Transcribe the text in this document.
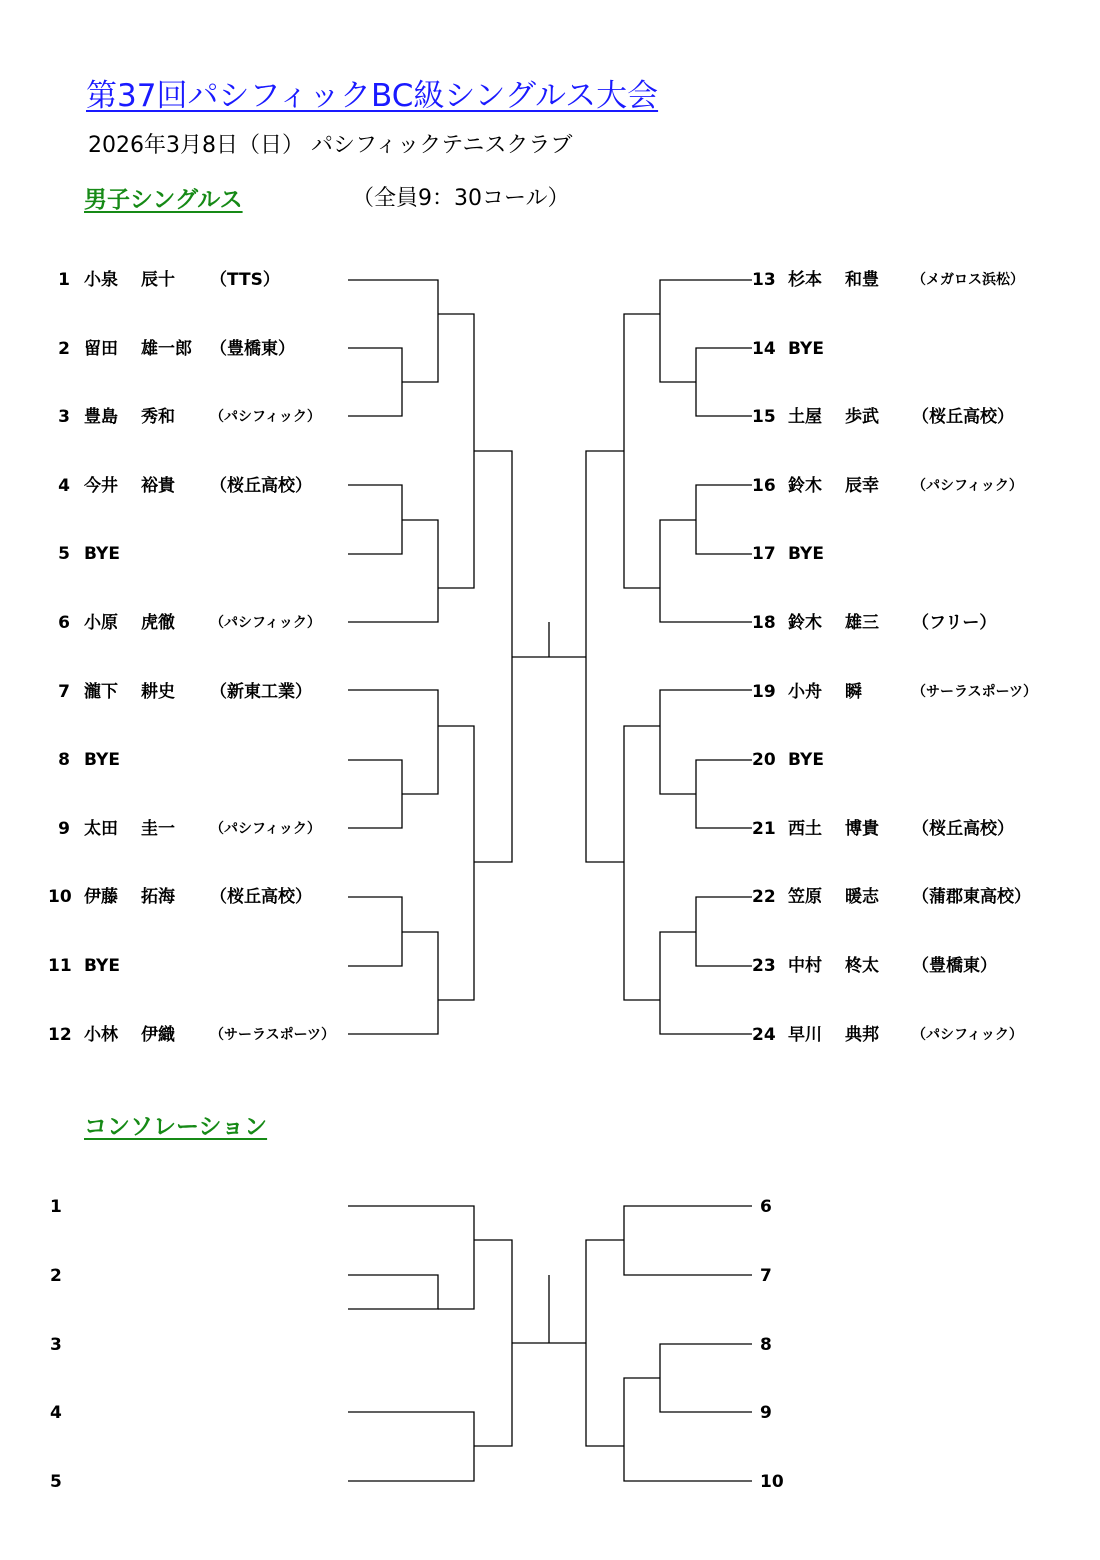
第37回パシフィックBC級シングルス大会
2026年3月8日（日） パシフィックテニスクラブ
男子シングルス	（全員9：30コール）
コンソレーション
1 小泉 辰十 （TTS）
2 留田 雄一郎 （豊橋東）
3 豊島 秀和	（パシフィック）
4 今井 裕貴 （桜丘高校）
5 BYE
6 小原 虎徹	（パシフィック）
7 瀧下 耕史 （新東工業）
8 BYE
9 太田 圭一	（パシフィック）
10 伊藤 拓海 （桜丘高校）
11 BYE
12 小林 伊織	（サーラスポーツ）
13 杉本 和豊 （メガロス浜松）
14 BYE
15 土屋 歩武 （桜丘高校）
16 鈴木 辰幸 （パシフィック）
17 BYE
18 鈴木 雄三 （フリー）
19 小舟 瞬	（サーラスポーツ）
20 BYE
21 西土 博貴 （桜丘高校）
22 笠原 暖志 （蒲郡東高校）
23 中村 柊太 （豊橋東）
24 早川 典邦 （パシフィック）
1
2
3
4
5
6
7
8
9
10
